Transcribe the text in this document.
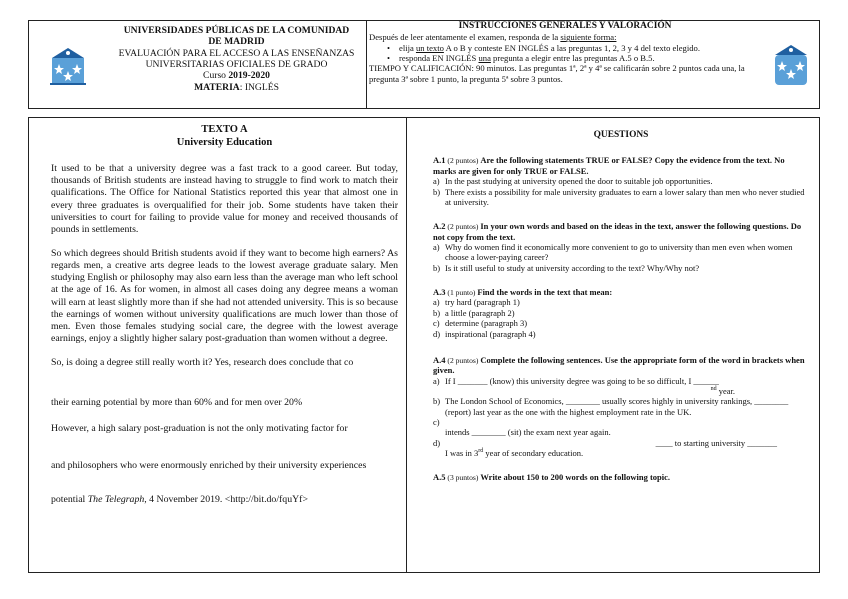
UNIVERSIDADES PÚBLICAS DE LA COMUNIDAD
DE MADRID
EVALUACIÓN PARA EL ACCESO A LAS ENSEÑANZAS
UNIVERSITARIAS OFICIALES DE GRADO
Curso 2019-2020
MATERIA: INGLÉS
INSTRUCCIONES GENERALES Y VALORACIÓN
Después de leer atentamente el examen, responda de la siguiente forma:
• elija un texto A o B y conteste EN INGLÉS a las preguntas 1, 2, 3 y 4 del texto elegido.
• responda EN INGLÉS una pregunta a elegir entre las preguntas A.5 o B.5.
TIEMPO Y CALIFICACIÓN: 90 minutos. Las preguntas 1ª, 2ª y 4ª se calificarán sobre 2 puntos cada una, la pregunta 3ª sobre 1 punto, la pregunta 5ª sobre 3 puntos.
TEXTO A
University Education

It used to be that a university degree was a fast track to a good career. But today, thousands of British students are instead having to struggle to find work to match their qualifications. The Office for National Statistics reported this year that almost one in every three graduates is overqualified for their job. Some students have taken their universities to court for failing to provide value for money and received thousands of pounds in settlements.

So which degrees should British students avoid if they want to become high earners? As regards men, a creative arts degree leads to the lowest average graduate salary. Men studying English or philosophy may also earn less than the average man who left school at the age of 16. As for women, in almost all cases doing any degree means a woman will earn at least slightly more than if she had not attended university. This is so because the earnings of women without university qualifications are much lower than those of men. Even those females studying social care, the degree with the lowest average earnings, enjoy a slightly higher salary post-graduation than women without a degree.

So, is doing a degree still really worth it? Yes, research does conclude that co

their earning potential by more than 60% and for men over 20%

However, a high salary post-graduation is not the only motivating factor for

and philosophers who were enormously enriched by their university experiences

potential The Telegraph, 4 November 2019. <http://bit.do/fquYf>

QUESTIONS
A.1 (2 puntos) Are the following statements TRUE or FALSE? Copy the evidence from the text. No marks are given for only TRUE or FALSE.
a) In the past studying at university opened the door to suitable job opportunities.
b) There exists a possibility for male university graduates to earn a lower salary than men who never studied at university.
A.2 (2 puntos) In your own words and based on the ideas in the text, answer the following questions. Do not copy from the text.
a) Why do women find it economically more convenient to go to university than men even when women choose a lower-paying career?
b) Is it still useful to study at university according to the text? Why/Why not?
A.3 (1 punto) Find the words in the text that mean:
a) try hard (paragraph 1)
b) a little (paragraph 2)
c) determine (paragraph 3)
d) inspirational (paragraph 4)
A.4 (2 puntos) Complete the following sentences. Use the appropriate form of the word in brackets when given.
a) If I _______ (know) this university degree was going to be so difficult, I ______
$^{nd}$ year.
b) The London School of Economics, ________ usually scores highly in university rankings, ________ (report) last year as the one with the highest employment rate in the UK.
c)

intends ________ (sit) the exam next year again.
d)	____ to starting university _______
I was in 3rd year of secondary education.
A.5 (3 puntos) Write about 150 to 200 words on the following topic.
